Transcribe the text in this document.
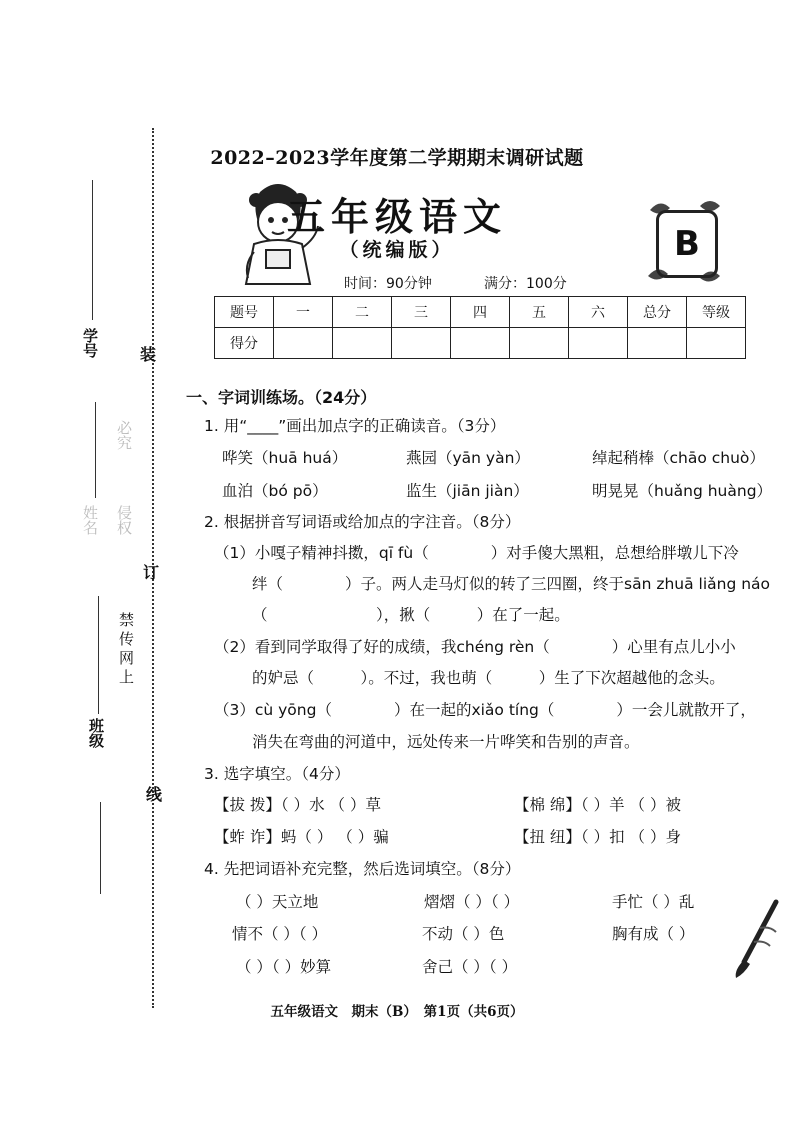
装
订
线
学号
姓名 侵权
必究
禁传网上
班级
2022–2023学年度第二学期期末调研试题
五年级语文
（统编版）
时间：90分钟	满分：100分
B
题号	一	二	三	四	五	六	总分	等级
得分								
一、字词训练场。（24分）
1. 用“____”画出加点字的正确读音。（3分）
哗笑（huā huá）	燕园（yān yàn）	绰起稍棒（chāo chuò）
血泊（bó pō）	监生（jiān jiàn）	明晃晃（huǎng huàng）
2. 根据拼音写词语或给加点的字注音。（8分）
（1）小嘎子精神抖擞，qī fù（　　　　）对手傻大黑粗，总想给胖墩儿下冷
绊（　　　　）子。两人走马灯似的转了三四圈，终于sān zhuā liǎng náo
（　　　　　　　），揪（　　　）在了一起。
（2）看到同学取得了好的成绩，我chéng rèn（　　　　）心里有点儿小小
的妒忌（　　　）。不过，我也萌（　　　）生了下次超越他的念头。
（3）cù yōng（　　　　）在一起的xiǎo tíng（　　　　）一会儿就散开了，
消失在弯曲的河道中，远处传来一片哗笑和告别的声音。
3. 选字填空。（4分）
【拔 拨】（ ）水 （ ）草	【棉 绵】（ ）羊 （ ）被
【蚱 诈】蚂（ ） （ ）骗	【扭 纽】（ ）扣 （ ）身
4. 先把词语补充完整，然后选词填空。（8分）
（ ）天立地	熠熠（ ）（ ）	手忙（ ）乱
情不（ ）（ ）	不动（ ）色	胸有成（ ）
（ ）（ ）妙算	舍己（ ）（ ）
五年级语文　期末（B）　第1页（共6页）
